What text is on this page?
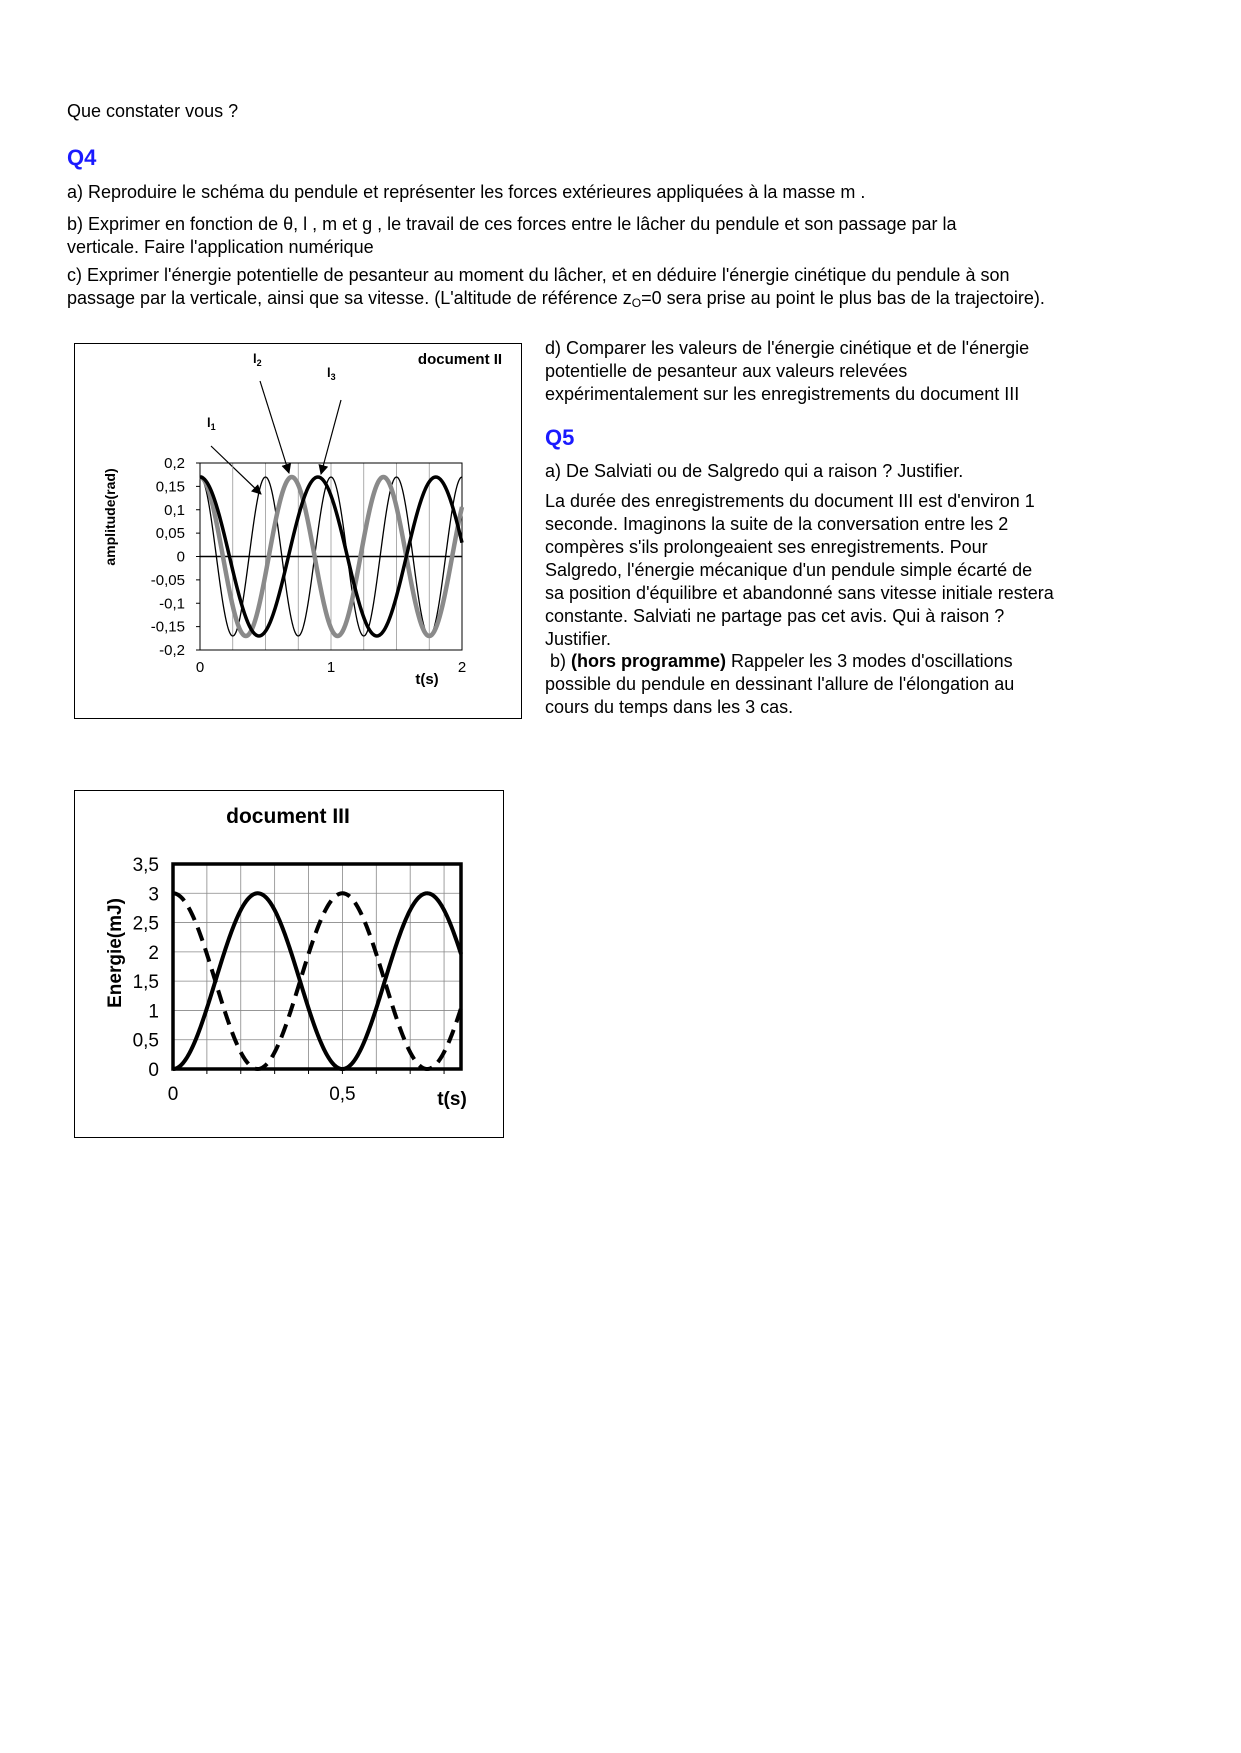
Que constater vous ?

Q4

a) Reproduire le schéma du pendule et représenter les forces extérieures appliquées à la masse m .

b) Exprimer en fonction de θ, l , m et g , le travail de ces forces entre le lâcher du pendule et son passage par la verticale. Faire l'application numérique

c) Exprimer l'énergie potentielle de pesanteur au moment du lâcher, et en déduire l'énergie cinétique du pendule à son passage par la verticale, ainsi que sa vitesse. (L'altitude de référence $z_O=0$ sera prise au point le plus bas de la trajectoire).

d) Comparer les valeurs de l'énergie cinétique et de l'énergie potentielle de pesanteur aux valeurs relevées expérimentalement sur les enregistrements du document III

Q5

a) De Salviati ou de Salgredo qui a raison ? Justifier.

La durée des enregistrements du document III est d'environ 1 seconde. Imaginons la suite de la conversation entre les 2 compères s'ils prolongeaient ses enregistrements. Pour Salgredo, l'énergie mécanique d'un pendule simple écarté de sa position d'équilibre et abandonné sans vitesse initiale restera constante. Salviati ne partage pas cet avis. Qui à raison ? Justifier.

b) (hors programme) Rappeler les 3 modes d'oscillations possible du pendule en dessinant l'allure de l'élongation au cours du temps dans les 3 cas.

document II
amplitude(rad)
t(s)
$l_2$
$l_3$
$l_1$
0,2
0,15
0,1
0,05
0
-0,05
-0,1
-0,15
-0,2
0	1	2
document III
Energie(mJ)
t(s)
3,5
3
2,5
2
1,5
1
0,5
0
0	0,5
